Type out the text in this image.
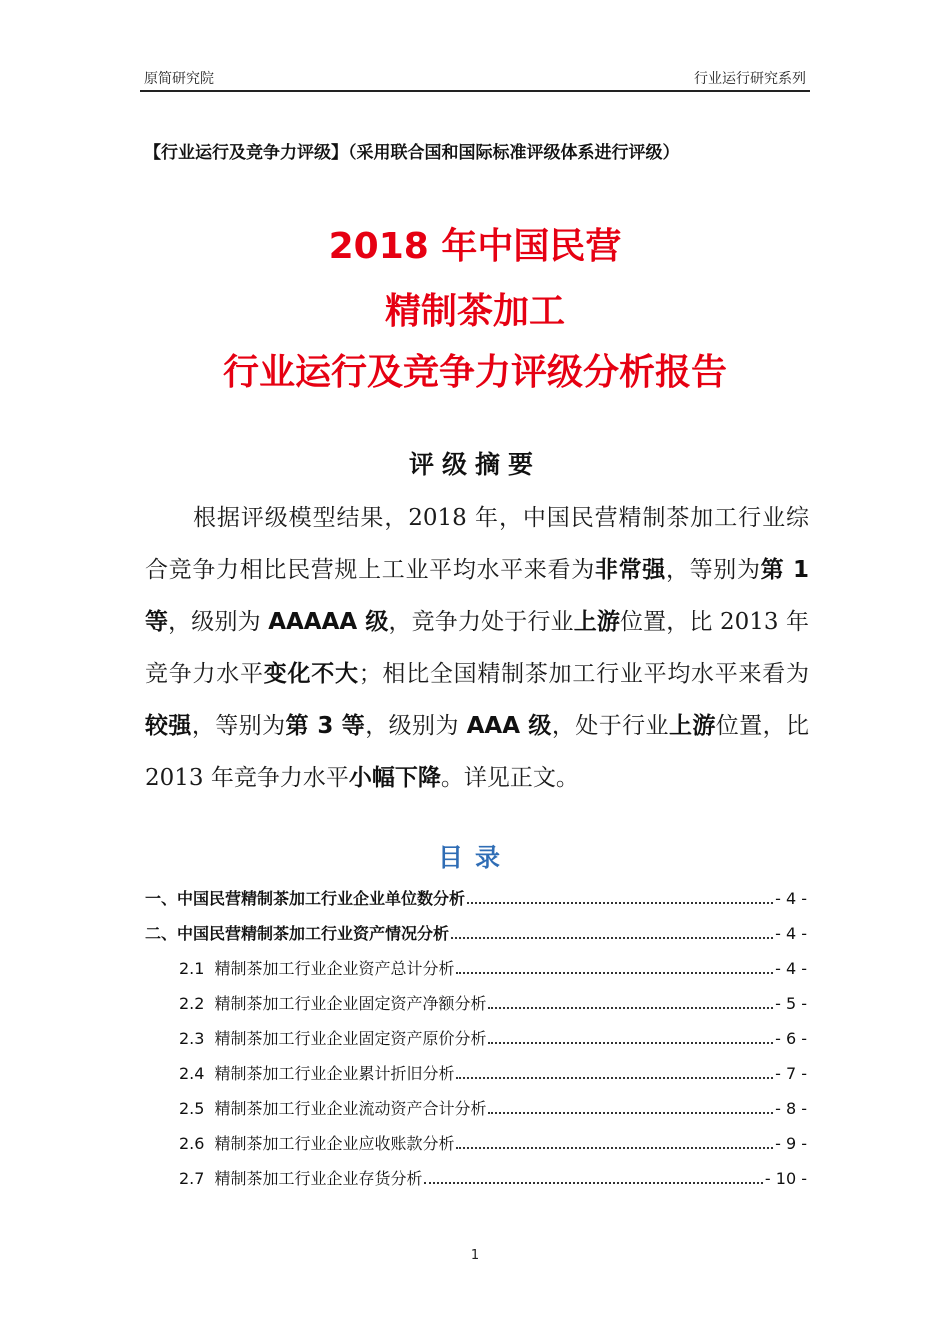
原简研究院	行业运行研究系列
【行业运行及竞争力评级】（采用联合国和国际标准评级体系进行评级）
2018 年中国民营
精制茶加工
行业运行及竞争力评级分析报告
评级摘要
根据评级模型结果，2018 年，中国民营精制茶加工行业综合竞争力相比民营规上工业平均水平来看为非常强，等别为第 1 等，级别为 AAAAA 级，竞争力处于行业上游位置，比 2013 年竞争力水平变化不大；相比全国精制茶加工行业平均水平来看为较强，等别为第 3 等，级别为 AAA 级，处于行业上游位置，比 2013 年竞争力水平小幅下降。详见正文。
目录
一、中国民营精制茶加工行业企业单位数分析	- 4 -
二、中国民营精制茶加工行业资产情况分析	- 4 -
2.1 精制茶加工行业企业资产总计分析	- 4 -
2.2 精制茶加工行业企业固定资产净额分析	- 5 -
2.3 精制茶加工行业企业固定资产原价分析	- 6 -
2.4 精制茶加工行业企业累计折旧分析	- 7 -
2.5 精制茶加工行业企业流动资产合计分析	- 8 -
2.6 精制茶加工行业企业应收账款分析	- 9 -
2.7 精制茶加工行业企业存货分析	- 10 -
1
